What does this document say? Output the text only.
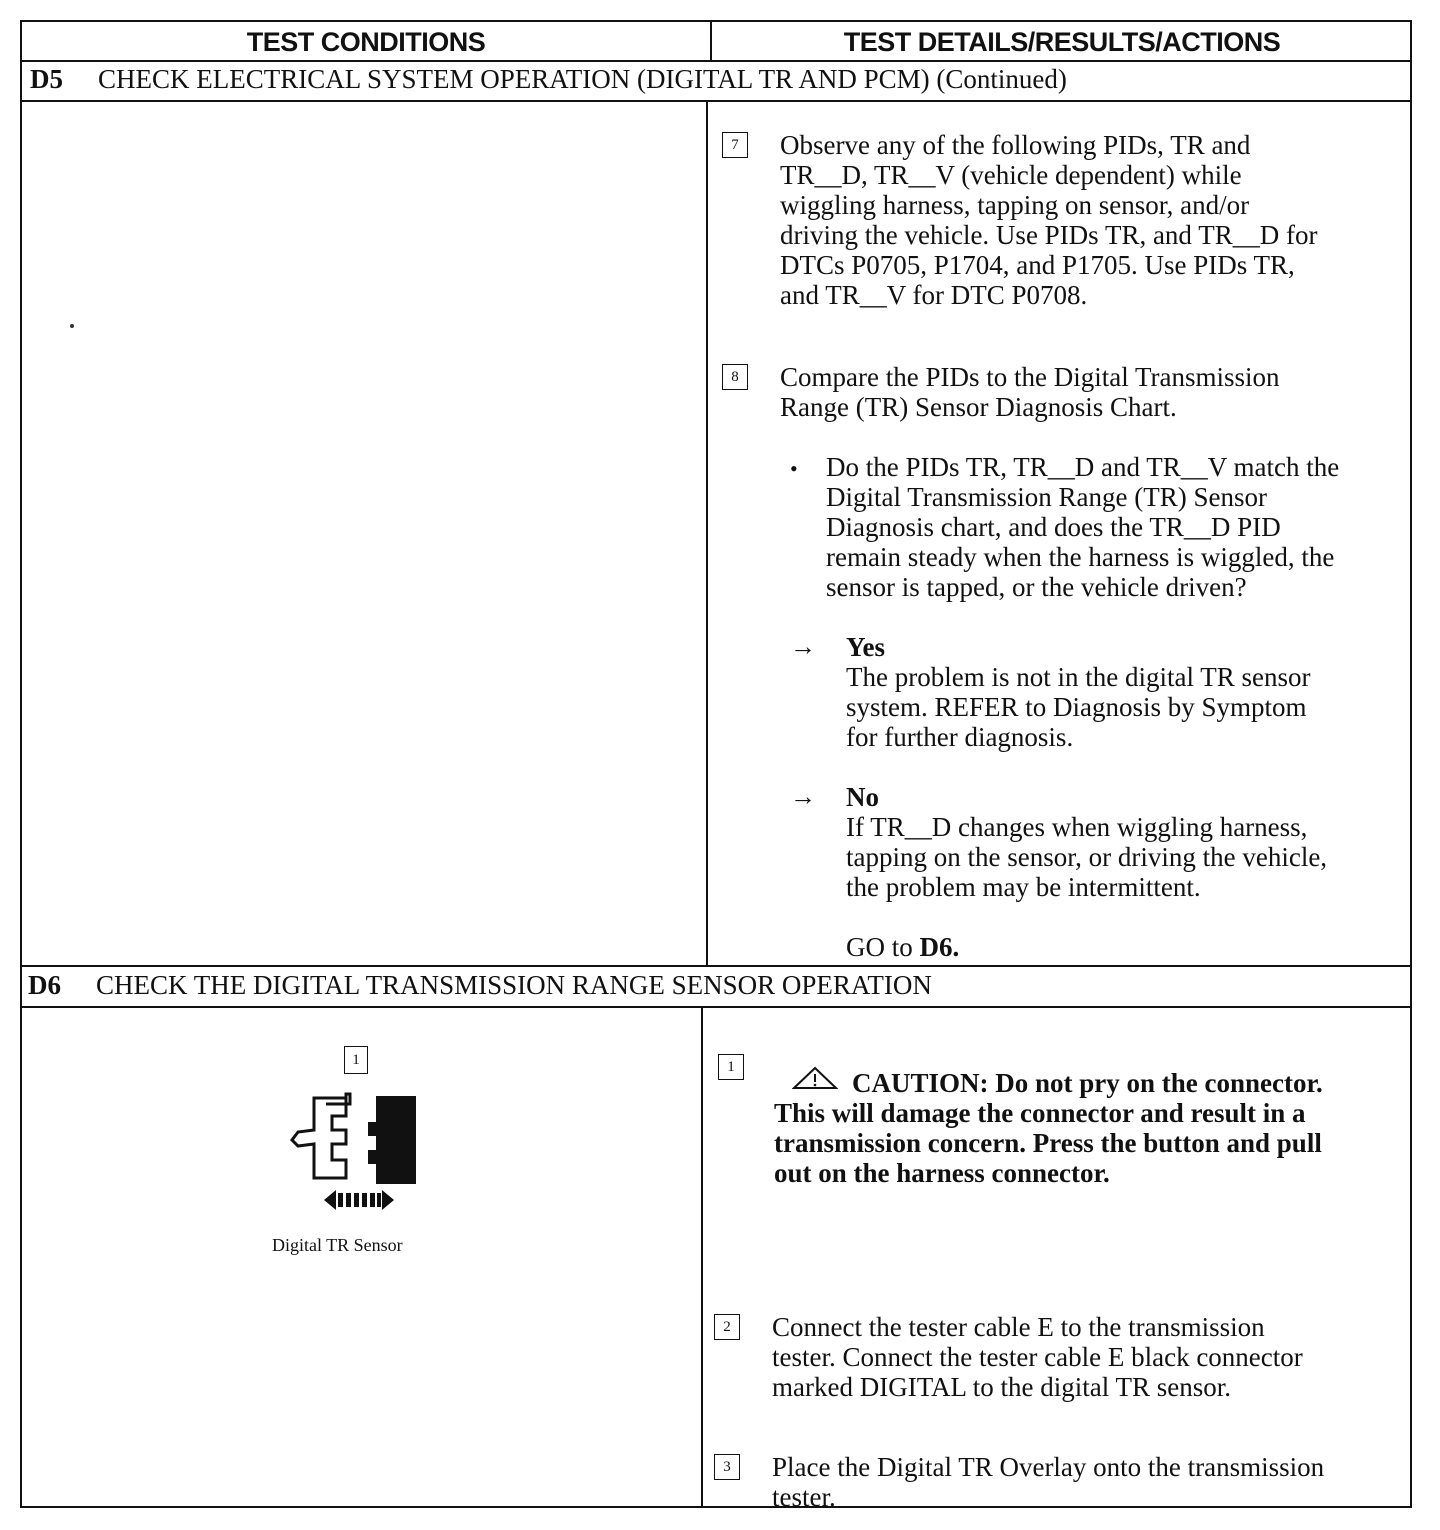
TEST CONDITIONS	TEST DETAILS/RESULTS/ACTIONS
D5 CHECK ELECTRICAL SYSTEM OPERATION (DIGITAL TR AND PCM) (Continued)
7	Observe any of the following PIDs, TR and
TR__D, TR__V (vehicle dependent) while
wiggling harness, tapping on sensor, and/or
driving the vehicle. Use PIDs TR, and TR__D for
DTCs P0705, P1704, and P1705. Use PIDs TR,
and TR__V for DTC P0708.
8	Compare the PIDs to the Digital Transmission
Range (TR) Sensor Diagnosis Chart.
• Do the PIDs TR, TR__D and TR__V match the
Digital Transmission Range (TR) Sensor
Diagnosis chart, and does the TR__D PID
remain steady when the harness is wiggled, the
sensor is tapped, or the vehicle driven?
→ Yes
The problem is not in the digital TR sensor
system. REFER to Diagnosis by Symptom
for further diagnosis.
→ No
If TR__D changes when wiggling harness,
tapping on the sensor, or driving the vehicle,
the problem may be intermittent.
GO to D6.
D6 CHECK THE DIGITAL TRANSMISSION RANGE SENSOR OPERATION
1
Digital TR Sensor
1
CAUTION: Do not pry on the connector.
This will damage the connector and result in a
transmission concern. Press the button and pull
out on the harness connector.
2	Connect the tester cable E to the transmission
tester. Connect the tester cable E black connector
marked DIGITAL to the digital TR sensor.
3	Place the Digital TR Overlay onto the transmission
tester.
